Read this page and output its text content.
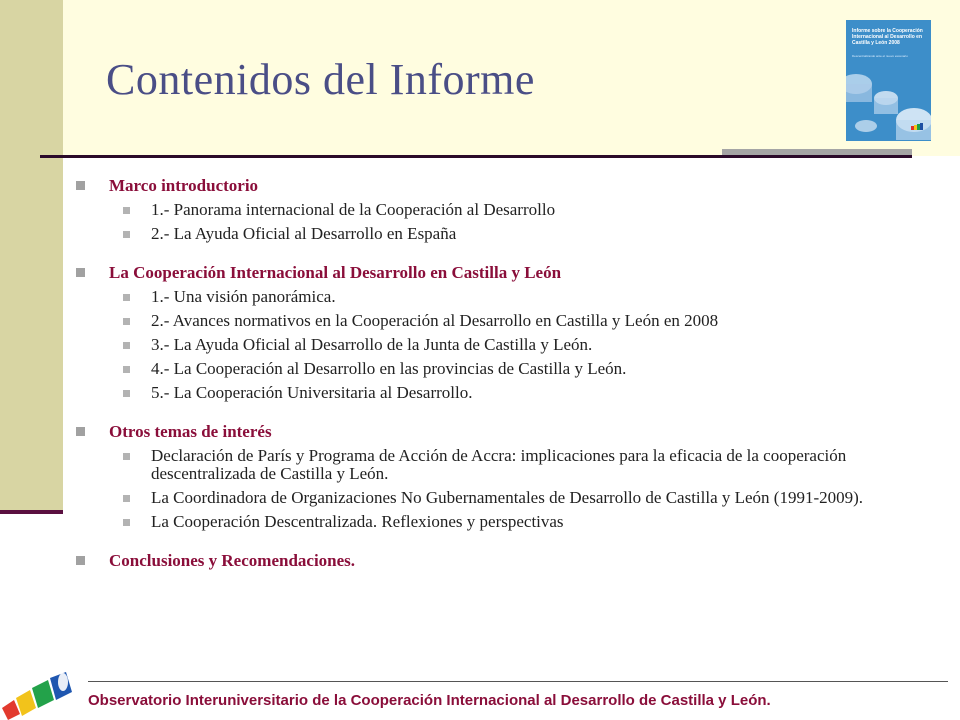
Contenidos del Informe
Informe sobre la Cooperación Internacional al Desarrollo en Castilla y León 2008
Descentralizando ante el nuevo escenario
Marco introductorio
1.- Panorama internacional de la Cooperación al Desarrollo
2.- La Ayuda Oficial al Desarrollo en España
La Cooperación Internacional al Desarrollo en Castilla y León
1.- Una visión panorámica.
2.- Avances normativos en la Cooperación al Desarrollo en Castilla y León en 2008
3.- La Ayuda Oficial al Desarrollo de la Junta de Castilla y León.
4.- La Cooperación al Desarrollo en las provincias de Castilla y León.
5.- La Cooperación Universitaria al Desarrollo.
Otros temas de interés
Declaración de París y Programa de Acción de Accra: implicaciones para la eficacia de la cooperación descentralizada de Castilla y León.
La Coordinadora de Organizaciones No Gubernamentales de Desarrollo de Castilla y León (1991-2009).
La Cooperación Descentralizada. Reflexiones y perspectivas
Conclusiones y Recomendaciones.
Observatorio Interuniversitario de la Cooperación Internacional al Desarrollo de Castilla y León.
